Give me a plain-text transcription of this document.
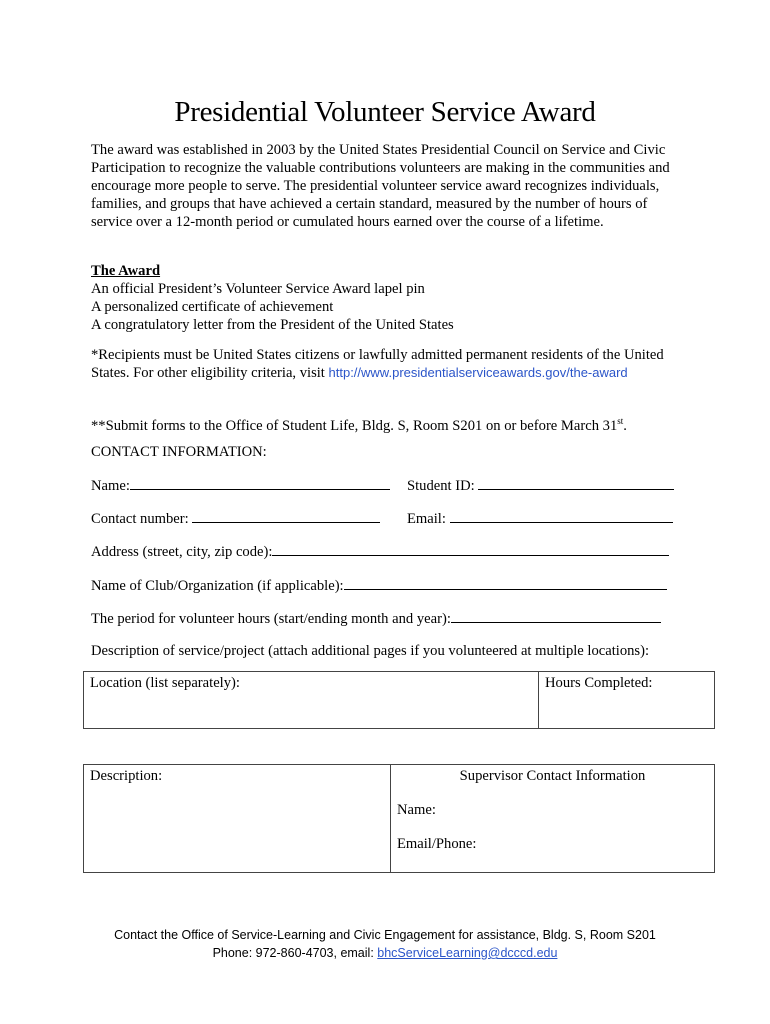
Presidential Volunteer Service Award
The award was established in 2003 by the United States Presidential Council on Service and Civic Participation to recognize the valuable contributions volunteers are making in the communities and encourage more people to serve. The presidential volunteer service award recognizes individuals, families, and groups that have achieved a certain standard, measured by the number of hours of service over a 12-month period or cumulated hours earned over the course of a lifetime.
The Award
An official President’s Volunteer Service Award lapel pin
A personalized certificate of achievement
A congratulatory letter from the President of the United States
*Recipients must be United States citizens or lawfully admitted permanent residents of the United States. For other eligibility criteria, visit http://www.presidentialserviceawards.gov/the-award
**Submit forms to the Office of Student Life, Bldg. S, Room S201 on or before March 31st.
CONTACT INFORMATION:
Name:	Student ID:
Contact number:	Email:
Address (street, city, zip code):
Name of Club/Organization (if applicable):
The period for volunteer hours (start/ending month and year):
Description of service/project (attach additional pages if you volunteered at multiple locations):
Location (list separately):	Hours Completed:
Description:	Supervisor Contact Information
Name:
Email/Phone:
Contact the Office of Service-Learning and Civic Engagement for assistance, Bldg. S, Room S201
Phone: 972-860-4703, email: bhcServiceLearning@dcccd.edu
